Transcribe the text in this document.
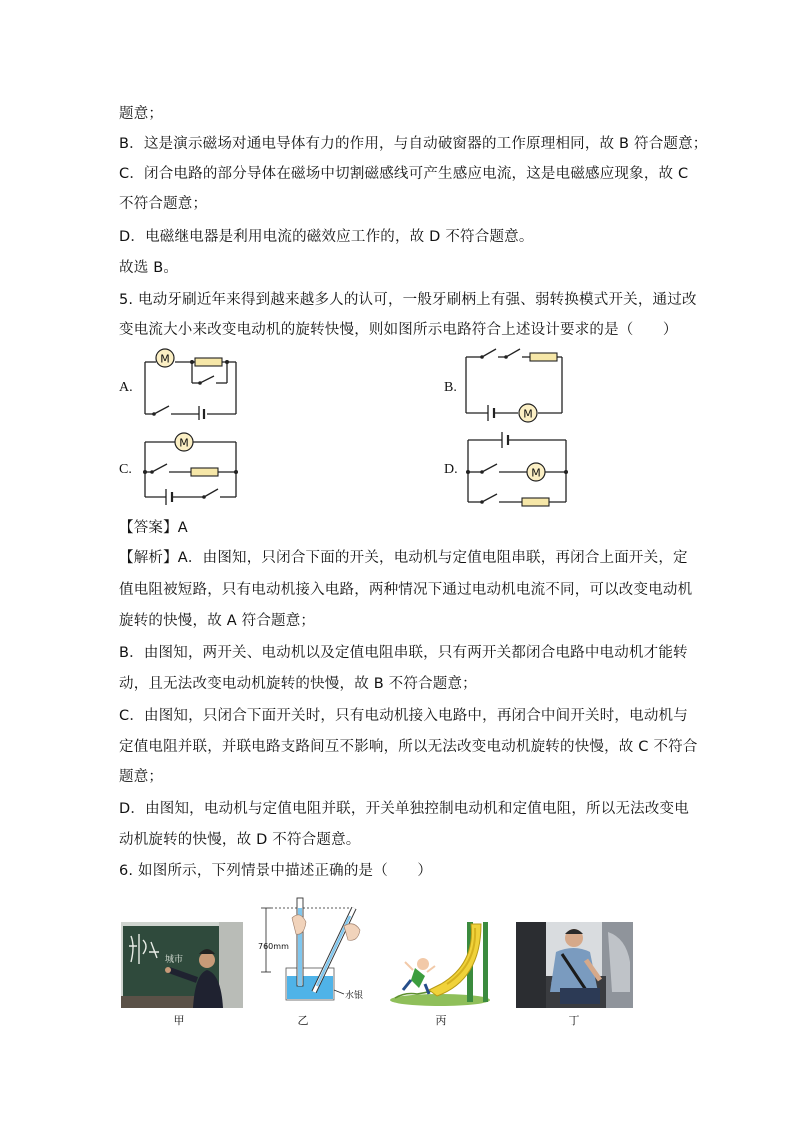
题意；
B．这是演示磁场对通电导体有力的作用，与自动破窗器的工作原理相同，故 B 符合题意；
C．闭合电路的部分导体在磁场中切割磁感线可产生感应电流，这是电磁感应现象，故 C
不符合题意；
D．电磁继电器是利用电流的磁效应工作的，故 D 不符合题意。
故选 B。
5. 电动牙刷近年来得到越来越多人的认可，一般牙刷柄上有强、弱转换模式开关，通过改
变电流大小来改变电动机的旋转快慢，则如图所示电路符合上述设计要求的是（　　）
A.
M
B.
M
C.
M
D.	M
【答案】A
【解析】A．由图知，只闭合下面的开关，电动机与定值电阻串联，再闭合上面开关，定
值电阻被短路，只有电动机接入电路，两种情况下通过电动机电流不同，可以改变电动机
旋转的快慢，故 A 符合题意；
B．由图知，两开关、电动机以及定值电阻串联，只有两开关都闭合电路中电动机才能转
动，且无法改变电动机旋转的快慢，故 B 不符合题意；
C．由图知，只闭合下面开关时，只有电动机接入电路中，再闭合中间开关时，电动机与
定值电阻并联，并联电路支路间互不影响，所以无法改变电动机旋转的快慢，故 C 不符合
题意；
D．由图知，电动机与定值电阻并联，开关单独控制电动机和定值电阻，所以无法改变电
动机旋转的快慢，故 D 不符合题意。
6. 如图所示，下列情景中描述正确的是（　　）
城市
甲
760mm
水银
乙	丙	丁
